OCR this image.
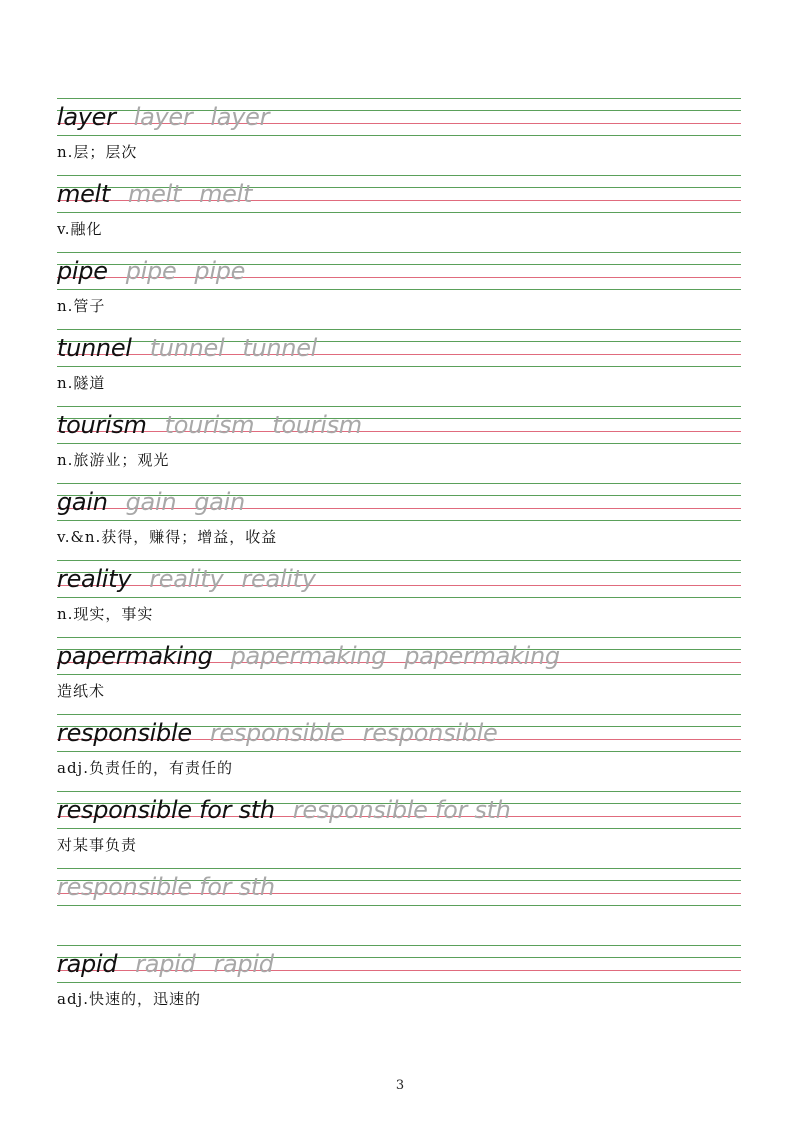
layer layer layer
n.层；层次
melt melt melt
v.融化
pipe pipe pipe
n.管子
tunnel tunnel tunnel
n.隧道
tourism tourism tourism
n.旅游业；观光
gain gain gain
v.&n.获得，赚得；增益，收益
reality reality reality
n.现实，事实
papermaking papermaking papermaking
造纸术
responsible responsible responsible
adj.负责任的，有责任的
responsible for sth responsible for sth
对某事负责
responsible for sth
rapid rapid rapid
adj.快速的，迅速的
3
